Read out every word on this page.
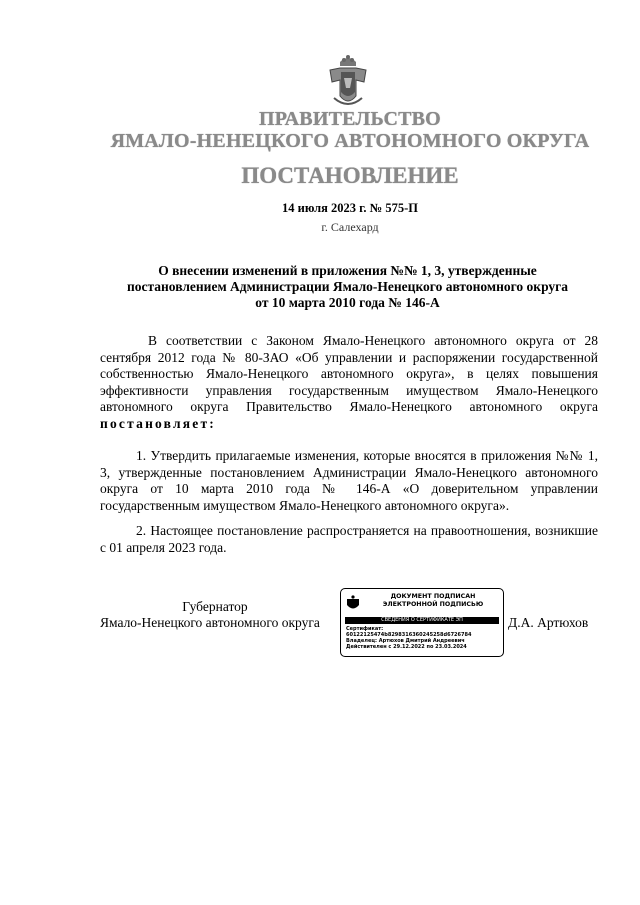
ПРАВИТЕЛЬСТВО
ЯМАЛО-НЕНЕЦКОГО АВТОНОМНОГО ОКРУГА
ПОСТАНОВЛЕНИЕ
14 июля 2023 г. № 575-П
г. Салехард
О внесении изменений в приложения №№ 1, 3, утвержденные
постановлением Администрации Ямало-Ненецкого автономного округа
от 10 марта 2010 года № 146-А
В соответствии с Законом Ямало-Ненецкого автономного округа от 28 сентября 2012 года № 80-ЗАО «Об управлении и распоряжении государственной собственностью Ямало-Ненецкого автономного округа», в целях повышения эффективности управления государственным имуществом Ямало-Ненецкого автономного округа Правительство Ямало-Ненецкого автономного округа постановляет:
1. Утвердить прилагаемые изменения, которые вносятся в приложения №№ 1, 3, утвержденные постановлением Администрации Ямало-Ненецкого автономного округа от 10 марта 2010 года № 146-А «О доверительном управлении государственным имуществом Ямало-Ненецкого автономного округа».
2. Настоящее постановление распространяется на правоотношения, возникшие с 01 апреля 2023 года.
Губернатор
Ямало-Ненецкого автономного округа	Д.А. Артюхов
ДОКУМЕНТ ПОДПИСАН
ЭЛЕКТРОННОЙ ПОДПИСЬЮ
СВЕДЕНИЯ О СЕРТИФИКАТЕ ЭП
Сертификат:
60122125474b8298316360245258d6726784
Владелец: Артюхов Дмитрий Андреевич
Действителен с 29.12.2022 по 23.03.2024
